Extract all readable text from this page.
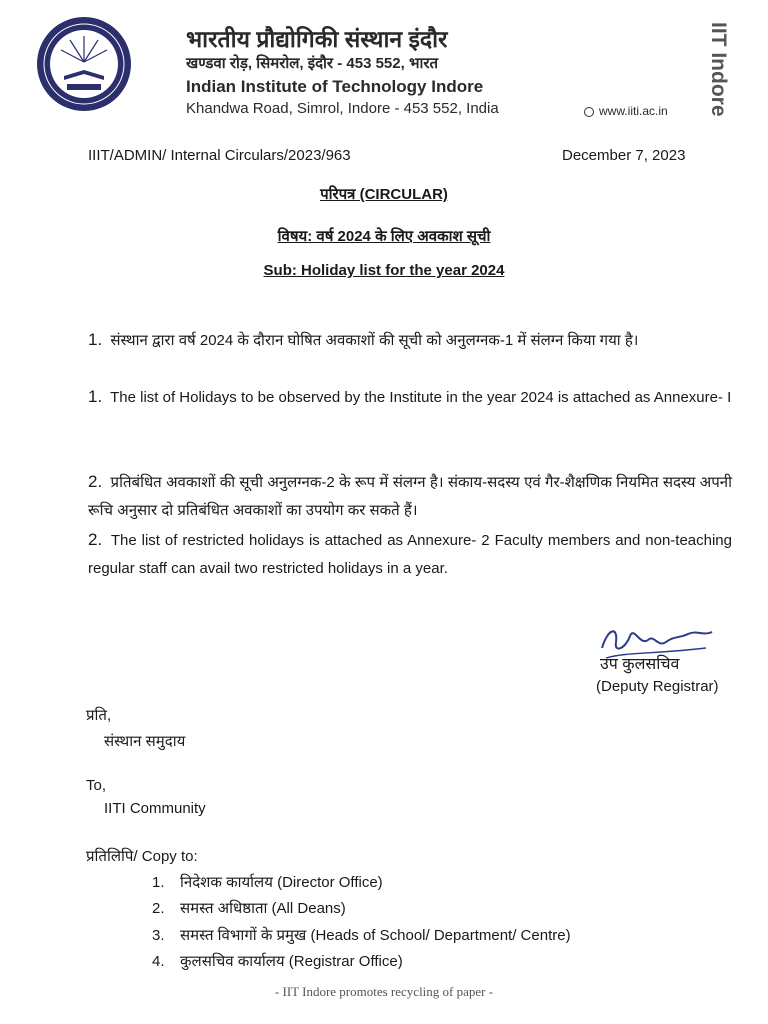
भारतीय प्रौद्योगिकी संस्थान इंदौर
खण्डवा रोड़, सिमरोल, इंदौर - 453 552, भारत
Indian Institute of Technology Indore
Khandwa Road, Simrol, Indore - 453 552, India	www.iiti.ac.in IIT Indore
IIIT/ADMIN/ Internal Circulars/2023/963	December 7, 2023
परिपत्र (CIRCULAR)
विषय: वर्ष 2024 के लिए अवकाश सूची
Sub: Holiday list for the year 2024
1. संस्थान द्वारा वर्ष 2024 के दौरान घोषित अवकाशों की सूची को अनुलग्नक-1 में संलग्न किया गया है।
1. The list of Holidays to be observed by the Institute in the year 2024 is attached as Annexure- I
2. प्रतिबंधित अवकाशों की सूची अनुलग्नक-2 के रूप में संलग्न है। संकाय-सदस्य एवं गैर-शैक्षणिक नियमित सदस्य अपनी रूचि अनुसार दो प्रतिबंधित अवकाशों का उपयोग कर सकते हैं।
2. The list of restricted holidays is attached as Annexure- 2 Faculty members and non-teaching regular staff can avail two restricted holidays in a year.
उप कुलसचिव
(Deputy Registrar)
प्रति,
संस्थान समुदाय
To,
IITI Community
प्रतिलिपि/ Copy to:
1. निदेशक कार्यालय (Director Office)
2. समस्त अधिष्ठाता (All Deans)
3. समस्त विभागों के प्रमुख (Heads of School/ Department/ Centre)
4. कुलसचिव कार्यालय (Registrar Office)
- IIT Indore promotes recycling of paper -
